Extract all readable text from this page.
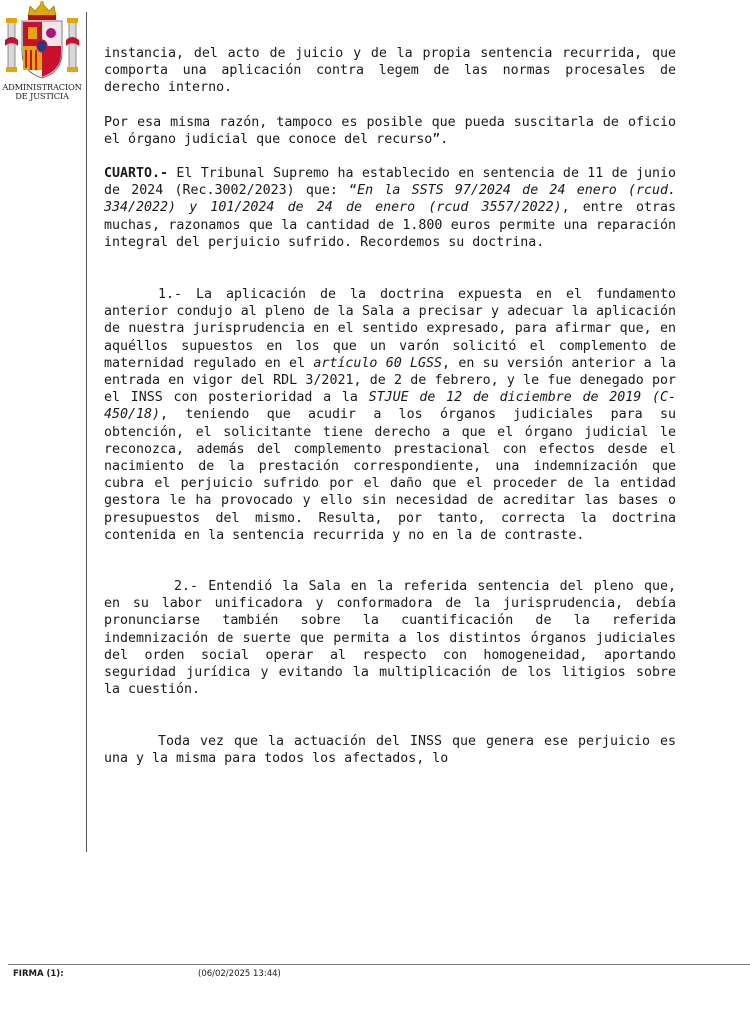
ADMINISTRACION
DE JUSTICIA

instancia, del acto de juicio y de la propia sentencia recurrida, que comporta una aplicación contra legem de las normas procesales de derecho interno.

Por esa misma razón, tampoco es posible que pueda suscitarla de oficio el órgano judicial que conoce del recurso”.

CUARTO.- El Tribunal Supremo ha establecido en sentencia de 11 de junio de 2024 (Rec.3002/2023) que: “En la SSTS 97/2024 de 24 enero (rcud. 334/2022) y 101/2024 de 24 de enero (rcud 3557/2022), entre otras muchas, razonamos que la cantidad de 1.800 euros permite una reparación integral del perjuicio sufrido. Recordemos su doctrina.

1.- La aplicación de la doctrina expuesta en el fundamento anterior condujo al pleno de la Sala a precisar y adecuar la aplicación de nuestra jurisprudencia en el sentido expresado, para afirmar que, en aquéllos supuestos en los que un varón solicitó el complemento de maternidad regulado en el artículo 60 LGSS, en su versión anterior a la entrada en vigor del RDL 3/2021, de 2 de febrero, y le fue denegado por el INSS con posterioridad a la STJUE de 12 de diciembre de 2019 (C-450/18), teniendo que acudir a los órganos judiciales para su obtención, el solicitante tiene derecho a que el órgano judicial le reconozca, además del complemento prestacional con efectos desde el nacimiento de la prestación correspondiente, una indemnización que cubra el perjuicio sufrido por el daño que el proceder de la entidad gestora le ha provocado y ello sin necesidad de acreditar las bases o presupuestos del mismo. Resulta, por tanto, correcta la doctrina contenida en la sentencia recurrida y no en la de contraste.

2.- Entendió la Sala en la referida sentencia del pleno que, en su labor unificadora y conformadora de la jurisprudencia, debía pronunciarse también sobre la cuantificación de la referida indemnización de suerte que permita a los distintos órganos judiciales del orden social operar al respecto con homogeneidad, aportando seguridad jurídica y evitando la multiplicación de los litigios sobre la cuestión.

Toda vez que la actuación del INSS que genera ese perjuicio es una y la misma para todos los afectados, lo

FIRMA (1):	(06/02/2025 13:44)
